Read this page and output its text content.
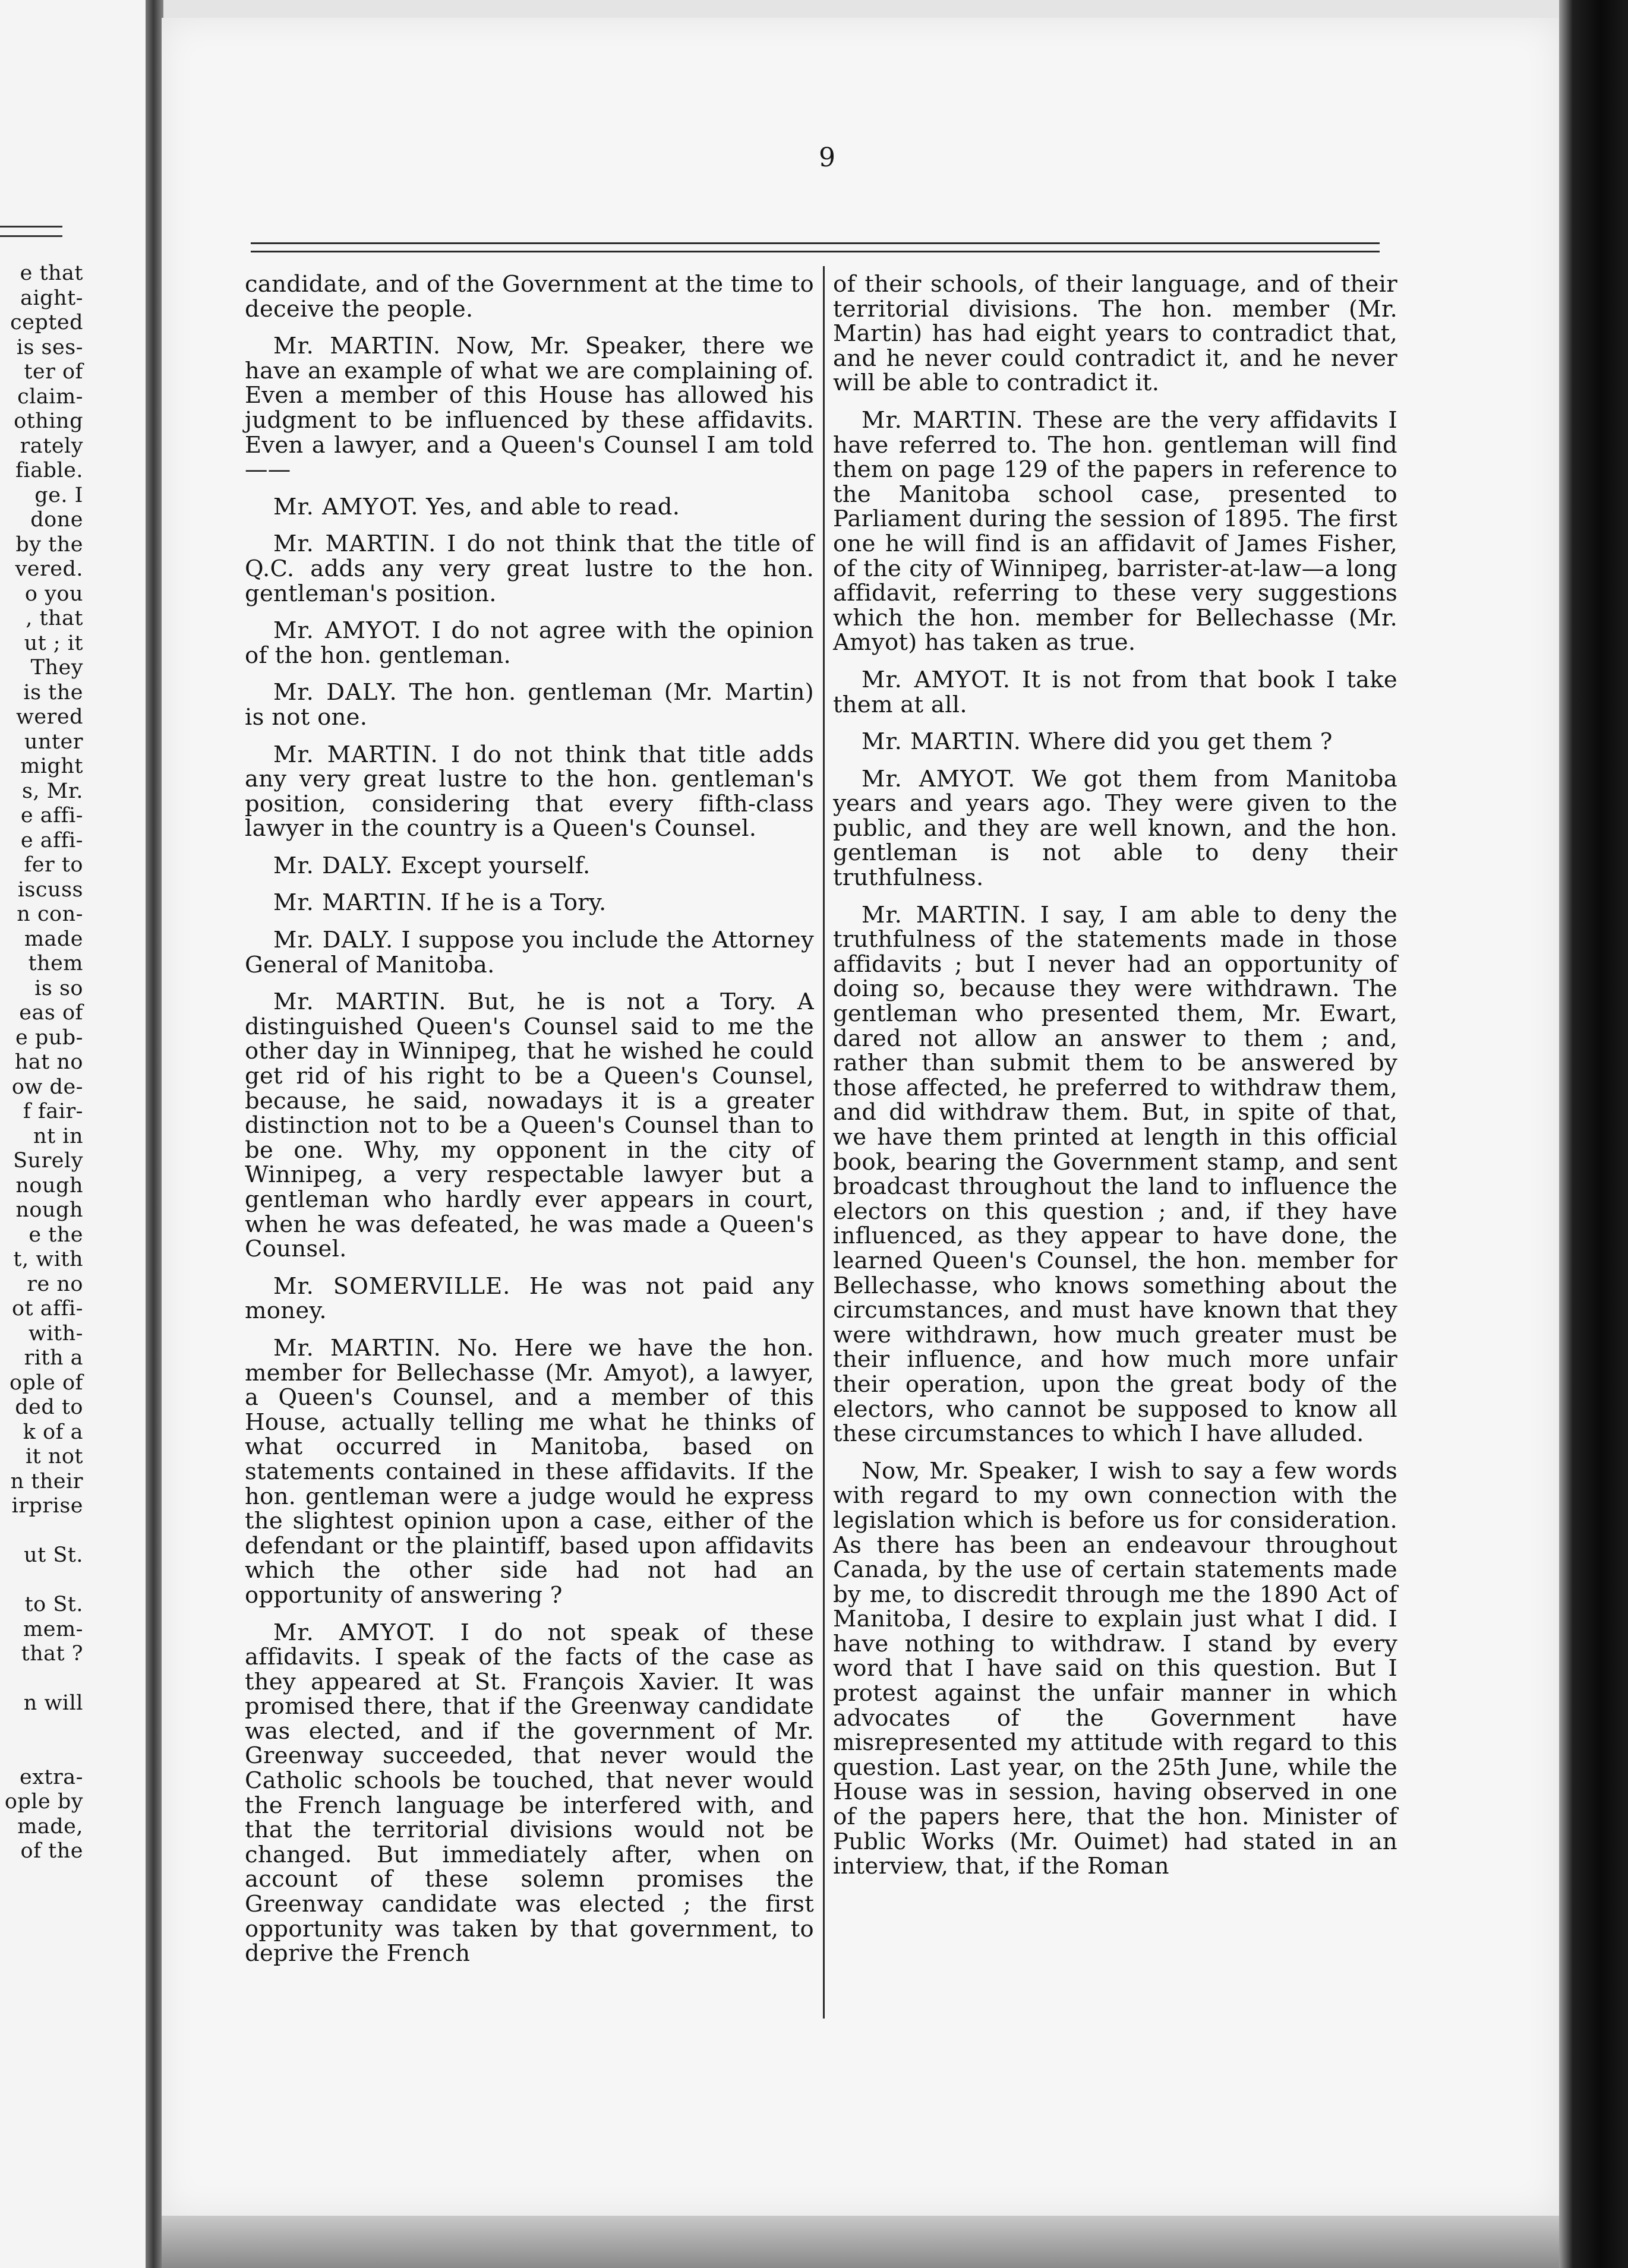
e that
aight-
cepted
is ses-
ter of
claim-
othing
rately
fiable.
ge. I
done
by the
vered.
o you
, that
ut ; it
They
is the
wered
unter
might
s, Mr.
e affi-
e affi-
fer to
iscuss
n con-
made
them
is so
eas of
e pub-
hat no
ow de-
f fair-
nt in
Surely
nough
nough
e the
t, with
re no
ot affi-
with-
rith a
ople of
ded to
k of a
it not
n their
irprise
ut St.
to St.
mem-
that ?
n will
extra-
ople by
made,
of the
9

candidate, and of the Government at the time to deceive the people.

Mr. MARTIN. Now, Mr. Speaker, there we have an example of what we are complaining of. Even a member of this House has allowed his judgment to be influenced by these affidavits. Even a lawyer, and a Queen's Counsel I am told——

Mr. AMYOT. Yes, and able to read.

Mr. MARTIN. I do not think that the title of Q.C. adds any very great lustre to the hon. gentleman's position.

Mr. AMYOT. I do not agree with the opinion of the hon. gentleman.

Mr. DALY. The hon. gentleman (Mr. Martin) is not one.

Mr. MARTIN. I do not think that title adds any very great lustre to the hon. gentleman's position, considering that every fifth-class lawyer in the country is a Queen's Counsel.

Mr. DALY. Except yourself.

Mr. MARTIN. If he is a Tory.

Mr. DALY. I suppose you include the Attorney General of Manitoba.

Mr. MARTIN. But, he is not a Tory. A distinguished Queen's Counsel said to me the other day in Winnipeg, that he wished he could get rid of his right to be a Queen's Counsel, because, he said, nowadays it is a greater distinction not to be a Queen's Counsel than to be one. Why, my opponent in the city of Winnipeg, a very respectable lawyer but a gentleman who hardly ever appears in court, when he was defeated, he was made a Queen's Counsel.

Mr. SOMERVILLE. He was not paid any money.

Mr. MARTIN. No. Here we have the hon. member for Bellechasse (Mr. Amyot), a lawyer, a Queen's Counsel, and a member of this House, actually telling me what he thinks of what occurred in Manitoba, based on statements contained in these affidavits. If the hon. gentleman were a judge would he express the slightest opinion upon a case, either of the defendant or the plaintiff, based upon affidavits which the other side had not had an opportunity of answering ?

Mr. AMYOT. I do not speak of these affidavits. I speak of the facts of the case as they appeared at St. François Xavier. It was promised there, that if the Greenway candidate was elected, and if the government of Mr. Greenway succeeded, that never would the Catholic schools be touched, that never would the French language be interfered with, and that the territorial divisions would not be changed. But immediately after, when on account of these solemn promises the Greenway candidate was elected ; the first opportunity was taken by that government, to deprive the French

of their schools, of their language, and of their territorial divisions. The hon. member (Mr. Martin) has had eight years to contradict that, and he never could contradict it, and he never will be able to contradict it.

Mr. MARTIN. These are the very affidavits I have referred to. The hon. gentleman will find them on page 129 of the papers in reference to the Manitoba school case, presented to Parliament during the session of 1895. The first one he will find is an affidavit of James Fisher, of the city of Winnipeg, barrister-at-law—a long affidavit, referring to these very suggestions which the hon. member for Bellechasse (Mr. Amyot) has taken as true.

Mr. AMYOT. It is not from that book I take them at all.

Mr. MARTIN. Where did you get them ?

Mr. AMYOT. We got them from Manitoba years and years ago. They were given to the public, and they are well known, and the hon. gentleman is not able to deny their truthfulness.

Mr. MARTIN. I say, I am able to deny the truthfulness of the statements made in those affidavits ; but I never had an opportunity of doing so, because they were withdrawn. The gentleman who presented them, Mr. Ewart, dared not allow an answer to them ; and, rather than submit them to be answered by those affected, he preferred to withdraw them, and did withdraw them. But, in spite of that, we have them printed at length in this official book, bearing the Government stamp, and sent broadcast throughout the land to influence the electors on this question ; and, if they have influenced, as they appear to have done, the learned Queen's Counsel, the hon. member for Bellechasse, who knows something about the circumstances, and must have known that they were withdrawn, how much greater must be their influence, and how much more unfair their operation, upon the great body of the electors, who cannot be supposed to know all these circumstances to which I have alluded.

Now, Mr. Speaker, I wish to say a few words with regard to my own connection with the legislation which is before us for consideration. As there has been an endeavour throughout Canada, by the use of certain statements made by me, to discredit through me the 1890 Act of Manitoba, I desire to explain just what I did. I have nothing to withdraw. I stand by every word that I have said on this question. But I protest against the unfair manner in which advocates of the Government have misrepresented my attitude with regard to this question. Last year, on the 25th June, while the House was in session, having observed in one of the papers here, that the hon. Minister of Public Works (Mr. Ouimet) had stated in an interview, that, if the Roman
